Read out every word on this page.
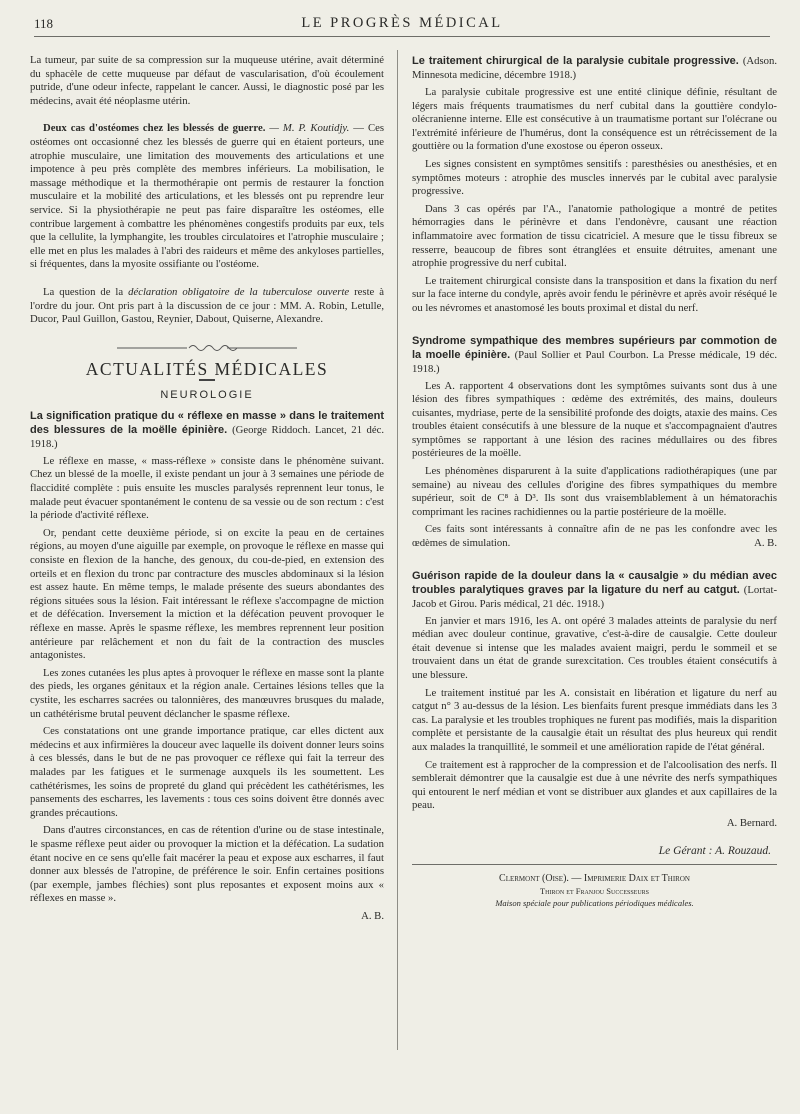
118	LE PROGRÈS MÉDICAL

La tumeur, par suite de sa compression sur la muqueuse utérine, avait déterminé du sphacèle de cette muqueuse par défaut de vascularisation, d'où écoulement putride, d'une odeur infecte, rappelant le cancer. Aussi, le diagnostic posé par les médecins, avait été néoplasme utérin.

Deux cas d'ostéomes chez les blessés de guerre. — M. P. Koutidjy. — Ces ostéomes ont occasionné chez les blessés de guerre qui en étaient porteurs, une atrophie musculaire, une limitation des mouvements des articulations et une impotence à peu près complète des membres inférieurs. La mobilisation, le massage méthodique et la thermothérapie ont permis de restaurer la fonction musculaire et la mobilité des articulations, et les blessés ont pu reprendre leur service. Si la physiothérapie ne peut pas faire disparaître les ostéomes, elle contribue largement à combattre les phénomènes congestifs produits par eux, tels que la cellulite, la lymphangite, les troubles circulatoires et l'atrophie musculaire ; elle met en plus les malades à l'abri des raideurs et même des ankyloses partielles, si fréquentes, dans la myosite ossifiante ou l'ostéome.

La question de la déclaration obligatoire de la tuberculose ouverte reste à l'ordre du jour. Ont pris part à la discussion de ce jour : MM. A. Robin, Letulle, Ducor, Paul Guillon, Gastou, Reynier, Dabout, Quiserne, Alexandre.

ACTUALITÉS MÉDICALES
NEUROLOGIE

La signification pratique du « réflexe en masse » dans le traitement des blessures de la moëlle épinière. (George Riddoch. Lancet, 21 déc. 1918.)

Le réflexe en masse, « mass-réflexe » consiste dans le phénomène suivant. Chez un blessé de la moelle, il existe pendant un jour à 3 semaines une période de flaccidité complète : puis ensuite les muscles paralysés reprennent leur tonus, le malade peut évacuer spontanément le contenu de sa vessie ou de son rectum : c'est la période d'activité réflexe.

Or, pendant cette deuxième période, si on excite la peau en de certaines régions, au moyen d'une aiguille par exemple, on provoque le réflexe en masse qui consiste en flexion de la hanche, des genoux, du cou-de-pied, en extension des orteils et en flexion du tronc par contracture des muscles abdominaux si la lésion est assez haute. En même temps, le malade présente des sueurs abondantes des régions situées sous la lésion. Fait intéressant le réflexe s'accompagne de miction et de défécation. Inversement la miction et la défécation peuvent provoquer le réflexe en masse. Après le spasme réflexe, les membres reprennent leur position antérieure par relâchement et non du fait de la contraction des muscles antagonistes.

Les zones cutanées les plus aptes à provoquer le réflexe en masse sont la plante des pieds, les organes génitaux et la région anale. Certaines lésions telles que la cystite, les escharres sacrées ou talonnières, des manœuvres brusques du malade, un cathétérisme brutal peuvent déclancher le spasme réflexe.

Ces constatations ont une grande importance pratique, car elles dictent aux médecins et aux infirmières la douceur avec laquelle ils doivent donner leurs soins à ces blessés, dans le but de ne pas provoquer ce réflexe qui fait la terreur des malades par les fatigues et le surmenage auxquels ils les soumettent. Les cathétérismes, les soins de propreté du gland qui précèdent les cathétérismes, les pansements des escharres, les lavements : tous ces soins doivent être donnés avec grandes précautions.

Dans d'autres circonstances, en cas de rétention d'urine ou de stase intestinale, le spasme réflexe peut aider ou provoquer la miction et la défécation. La sudation étant nocive en ce sens qu'elle fait macérer la peau et expose aux escharres, il faut donner aux blessés de l'atropine, de préférence le soir. Enfin certaines positions (par exemple, jambes fléchies) sont plus reposantes et exposent moins aux « réflexes en masse ».

A. B.

Le traitement chirurgical de la paralysie cubitale progressive. (Adson. Minnesota medicine, décembre 1918.)

La paralysie cubitale progressive est une entité clinique définie, résultant de légers mais fréquents traumatismes du nerf cubital dans la gouttière condylo-olécranienne interne. Elle est consécutive à un traumatisme portant sur l'olécrane ou l'extrémité inférieure de l'humérus, dont la conséquence est un rétrécissement de la gouttière ou la formation d'une exostose ou éperon osseux.

Les signes consistent en symptômes sensitifs : paresthésies ou anesthésies, et en symptômes moteurs : atrophie des muscles innervés par le cubital avec paralysie progressive.

Dans 3 cas opérés par l'A., l'anatomie pathologique a montré de petites hémorragies dans le périnèvre et dans l'endonèvre, causant une réaction inflammatoire avec formation de tissu cicatriciel. A mesure que le tissu fibreux se resserre, beaucoup de fibres sont étranglées et ensuite détruites, amenant une atrophie progressive du nerf cubital.

Le traitement chirurgical consiste dans la transposition et dans la fixation du nerf sur la face interne du condyle, après avoir fendu le périnèvre et après avoir réséqué le ou les névromes et anastomosé les bouts proximal et distal du nerf.

Syndrome sympathique des membres supérieurs par commotion de la moelle épinière. (Paul Sollier et Paul Courbon. La Presse médicale, 19 déc. 1918.)

Les A. rapportent 4 observations dont les symptômes suivants sont dus à une lésion des fibres sympathiques : œdème des extrémités, des mains, douleurs cuisantes, mydriase, perte de la sensibilité profonde des doigts, ataxie des mains. Ces troubles étaient consécutifs à une blessure de la nuque et s'accompagnaient d'autres symptômes se rapportant à une lésion des racines médullaires ou des fibres postérieures de la moëlle.

Les phénomènes disparurent à la suite d'applications radiothérapiques (une par semaine) au niveau des cellules d'origine des fibres sympathiques du membre supérieur, soit de C⁸ à D³. Ils sont dus vraisemblablement à un hématorachis comprimant les racines rachidiennes ou la partie postérieure de la moëlle.

Ces faits sont intéressants à connaître afin de ne pas les confondre avec les œdèmes de simulation.	A. B.

Guérison rapide de la douleur dans la « causalgie » du médian avec troubles paralytiques graves par la ligature du nerf au catgut. (Lortat-Jacob et Girou. Paris médical, 21 déc. 1918.)

En janvier et mars 1916, les A. ont opéré 3 malades atteints de paralysie du nerf médian avec douleur continue, gravative, c'est-à-dire de causalgie. Cette douleur était devenue si intense que les malades avaient maigri, perdu le sommeil et se trouvaient dans un état de grande surexcitation. Ces troubles étaient consécutifs à une blessure.

Le traitement institué par les A. consistait en libération et ligature du nerf au catgut n° 3 au-dessus de la lésion. Les bienfaits furent presque immédiats dans les 3 cas. La paralysie et les troubles trophiques ne furent pas modifiés, mais la disparition complète et persistante de la causalgie était un résultat des plus heureux qui rendit aux malades la tranquillité, le sommeil et une amélioration rapide de l'état général.

Ce traitement est à rapprocher de la compression et de l'alcoolisation des nerfs. Il semblerait démontrer que la causalgie est due à une névrite des nerfs sympathiques qui entourent le nerf médian et vont se distribuer aux glandes et aux capillaires de la peau.

A. Bernard.
Le Gérant : A. Rouzaud.

Clermont (Oise). — Imprimerie Daix et Thiron

Thiron et Franjou Successeurs

Maison spéciale pour publications périodiques médicales.
